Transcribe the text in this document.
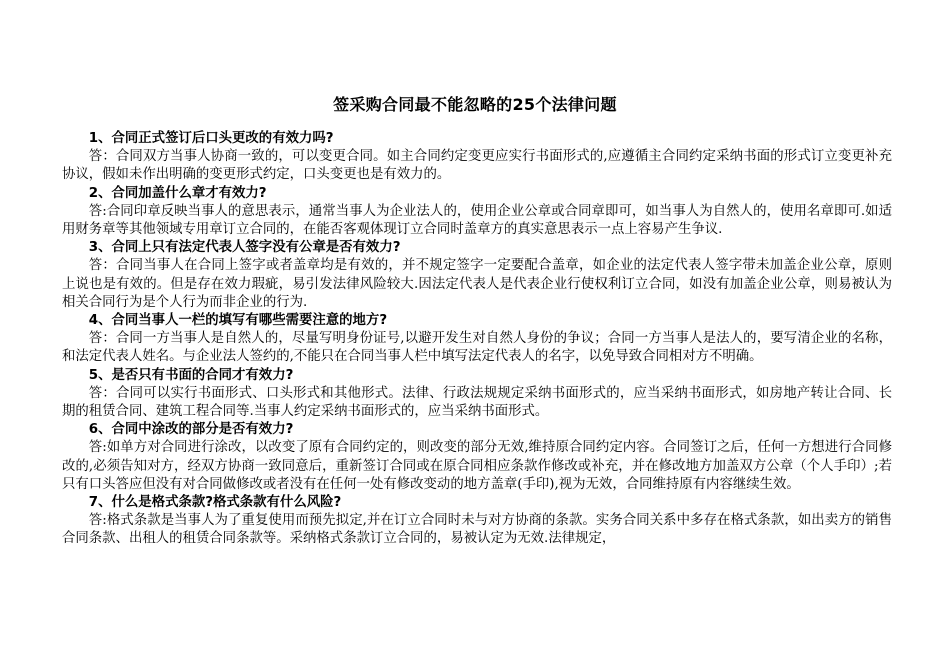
签采购合同最不能忽略的25个法律问题

1、合同正式签订后口头更改的有效力吗?

答：合同双方当事人协商一致的，可以变更合同。如主合同约定变更应实行书面形式的,应遵循主合同约定采纳书面的形式订立变更补充协议，假如未作出明确的变更形式约定，口头变更也是有效力的。

2、合同加盖什么章才有效力?

答:合同印章反映当事人的意思表示，通常当事人为企业法人的，使用企业公章或合同章即可，如当事人为自然人的，使用名章即可.如适用财务章等其他领域专用章订立合同的，在能否客观体现订立合同时盖章方的真实意思表示一点上容易产生争议.

3、合同上只有法定代表人签字没有公章是否有效力?

答：合同当事人在合同上签字或者盖章均是有效的，并不规定签字一定要配合盖章，如企业的法定代表人签字带未加盖企业公章，原则上说也是有效的。但是存在效力瑕疵，易引发法律风险较大.因法定代表人是代表企业行使权利订立合同，如没有加盖企业公章，则易被认为相关合同行为是个人行为而非企业的行为.

4、合同当事人一栏的填写有哪些需要注意的地方?

答：合同一方当事人是自然人的，尽量写明身份证号,以避开发生对自然人身份的争议；合同一方当事人是法人的，要写清企业的名称，和法定代表人姓名。与企业法人签约的,不能只在合同当事人栏中填写法定代表人的名字，以免导致合同相对方不明确。

5、是否只有书面的合同才有效力?

答：合同可以实行书面形式、口头形式和其他形式。法律、行政法规规定采纳书面形式的，应当采纳书面形式，如房地产转让合同、长期的租赁合同、建筑工程合同等.当事人约定采纳书面形式的，应当采纳书面形式。

6、合同中涂改的部分是否有效力?

答:如单方对合同进行涂改，以改变了原有合同约定的，则改变的部分无效,维持原合同约定内容。合同签订之后，任何一方想进行合同修改的,必须告知对方，经双方协商一致同意后，重新签订合同或在原合同相应条款作修改或补充，并在修改地方加盖双方公章（个人手印）;若只有口头答应但没有对合同做修改或者没有在任何一处有修改变动的地方盖章(手印),视为无效，合同维持原有内容继续生效。

7、什么是格式条款?格式条款有什么风险?

答:格式条款是当事人为了重复使用而预先拟定,并在订立合同时未与对方协商的条款。实务合同关系中多存在格式条款，如出卖方的销售合同条款、出租人的租赁合同条款等。采纳格式条款订立合同的，易被认定为无效.法律规定，
